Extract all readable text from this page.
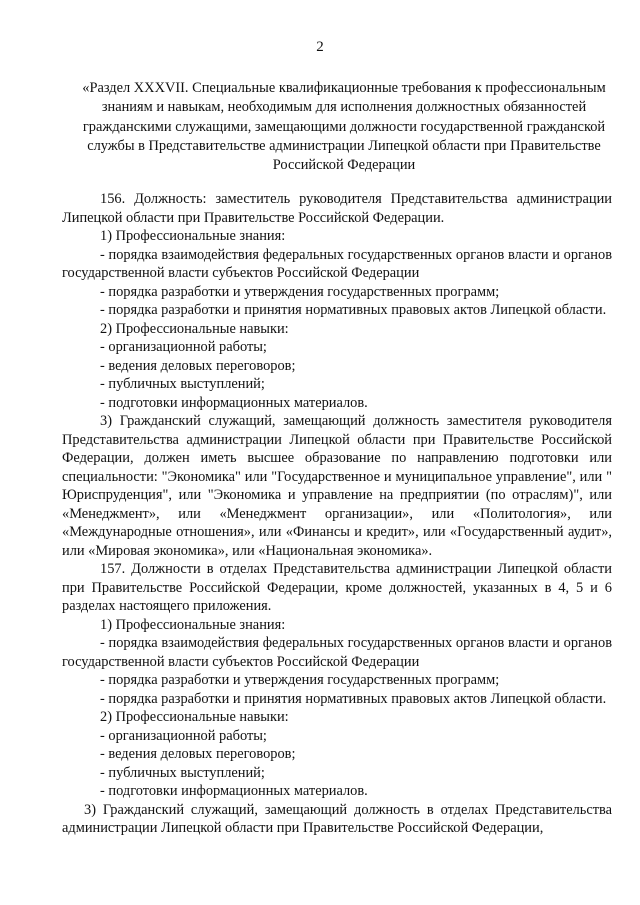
2
«Раздел XXXVII. Специальные квалификационные требования к профессиональным знаниям и навыкам, необходимым для исполнения должностных обязанностей гражданскими служащими, замещающими должности государственной гражданской службы в Представительстве администрации Липецкой области при Правительстве Российской Федерации

156. Должность: заместитель руководителя Представительства администрации Липецкой области при Правительстве Российской Федерации.

1) Профессиональные знания:

- порядка взаимодействия федеральных государственных органов власти и органов государственной власти субъектов Российской Федерации

- порядка разработки и утверждения государственных программ;

- порядка разработки и принятия нормативных правовых актов Липецкой области.

2) Профессиональные навыки:

- организационной работы;

- ведения деловых переговоров;

- публичных выступлений;

- подготовки информационных материалов.

3) Гражданский служащий, замещающий должность заместителя руководителя Представительства администрации Липецкой области при Правительстве Российской Федерации, должен иметь высшее образование по направлению подготовки или специальности: "Экономика" или "Государственное и муниципальное управление", или " Юриспруденция", или "Экономика и управление на предприятии (по отраслям)", или «Менеджмент», или «Менеджмент организации», или «Политология», или «Международные отношения», или «Финансы и кредит», или «Государственный аудит», или «Мировая экономика», или «Национальная экономика».

157. Должности в отделах Представительства администрации Липецкой области при Правительстве Российской Федерации, кроме должностей, указанных в 4, 5 и 6 разделах настоящего приложения.

1) Профессиональные знания:

- порядка взаимодействия федеральных государственных органов власти и органов государственной власти субъектов Российской Федерации

- порядка разработки и утверждения государственных программ;

- порядка разработки и принятия нормативных правовых актов Липецкой области.

2) Профессиональные навыки:

- организационной работы;

- ведения деловых переговоров;

- публичных выступлений;

- подготовки информационных материалов.

3) Гражданский служащий, замещающий должность в отделах Представительства администрации Липецкой области при Правительстве Российской Федерации,
